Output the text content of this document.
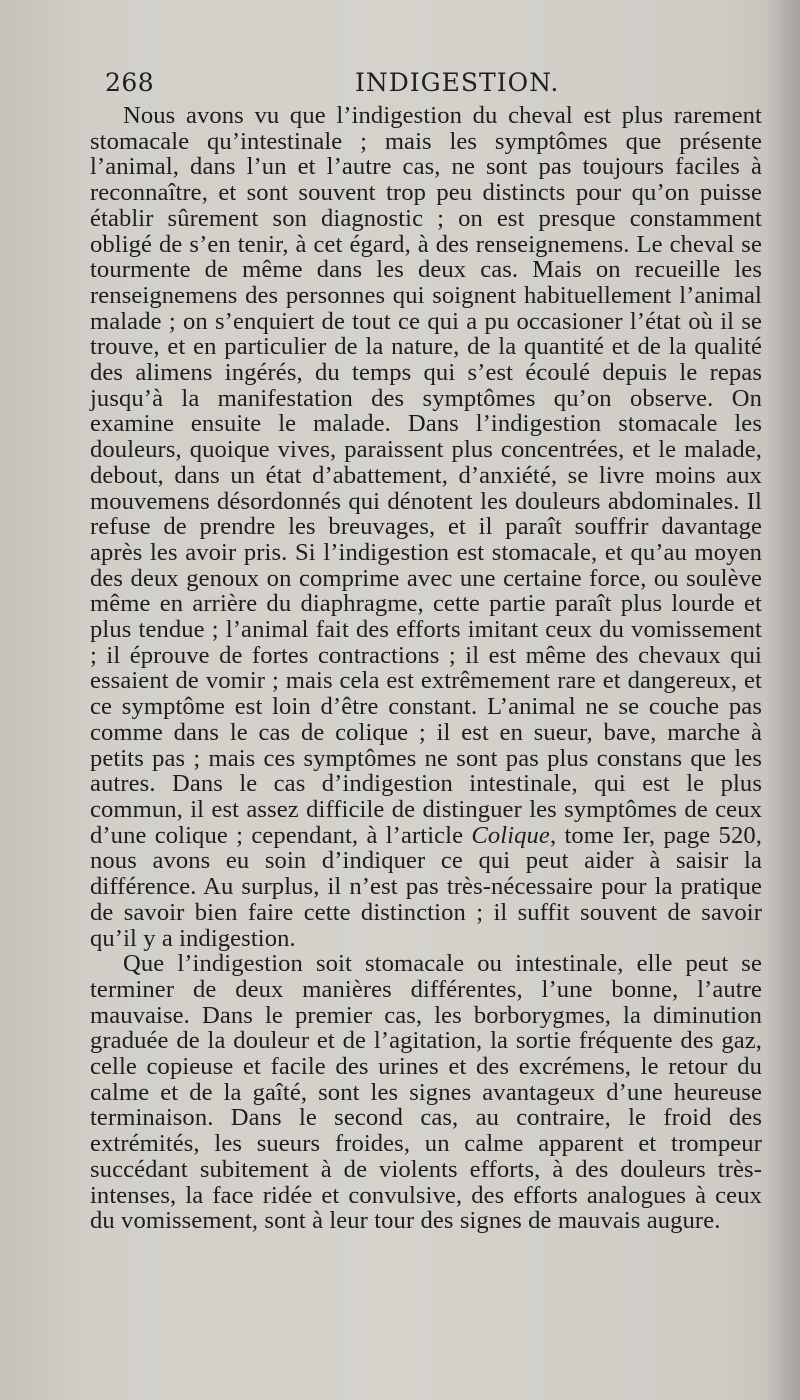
268	INDIGESTION.

Nous avons vu que l’indigestion du cheval est plus rarement stomacale qu’intestinale ; mais les symptômes que présente l’animal, dans l’un et l’autre cas, ne sont pas toujours faciles à reconnaître, et sont souvent trop peu distincts pour qu’on puisse établir sûrement son diagnostic ; on est presque constamment obligé de s’en tenir, à cet égard, à des renseignemens. Le cheval se tourmente de même dans les deux cas. Mais on recueille les renseignemens des personnes qui soignent habituellement l’animal malade ; on s’enquiert de tout ce qui a pu occasioner l’état où il se trouve, et en particulier de la nature, de la quantité et de la qualité des alimens ingérés, du temps qui s’est écoulé depuis le repas jusqu’à la manifestation des symptômes qu’on observe. On examine ensuite le malade. Dans l’indigestion stomacale les douleurs, quoique vives, paraissent plus concentrées, et le malade, debout, dans un état d’abattement, d’anxiété, se livre moins aux mouvemens désordonnés qui dénotent les douleurs abdominales. Il refuse de prendre les breuvages, et il paraît souffrir davantage après les avoir pris. Si l’indigestion est stomacale, et qu’au moyen des deux genoux on comprime avec une certaine force, ou soulève même en arrière du diaphragme, cette partie paraît plus lourde et plus tendue ; l’animal fait des efforts imitant ceux du vomissement ; il éprouve de fortes contractions ; il est même des chevaux qui essaient de vomir ; mais cela est extrêmement rare et dangereux, et ce symptôme est loin d’être constant. L’animal ne se couche pas comme dans le cas de colique ; il est en sueur, bave, marche à petits pas ; mais ces symptômes ne sont pas plus constans que les autres. Dans le cas d’indigestion intestinale, qui est le plus commun, il est assez difficile de distinguer les symptômes de ceux d’une colique ; cependant, à l’article Colique, tome Ier, page 520, nous avons eu soin d’indiquer ce qui peut aider à saisir la différence. Au surplus, il n’est pas très-nécessaire pour la pratique de savoir bien faire cette distinction ; il suffit souvent de savoir qu’il y a indigestion.

Que l’indigestion soit stomacale ou intestinale, elle peut se terminer de deux manières différentes, l’une bonne, l’autre mauvaise. Dans le premier cas, les borborygmes, la diminution graduée de la douleur et de l’agitation, la sortie fréquente des gaz, celle copieuse et facile des urines et des excrémens, le retour du calme et de la gaîté, sont les signes avantageux d’une heureuse terminaison. Dans le second cas, au contraire, le froid des extrémités, les sueurs froides, un calme apparent et trompeur succédant subitement à de violents efforts, à des douleurs très-intenses, la face ridée et convulsive, des efforts analogues à ceux du vomissement, sont à leur tour des signes de mauvais augure.
